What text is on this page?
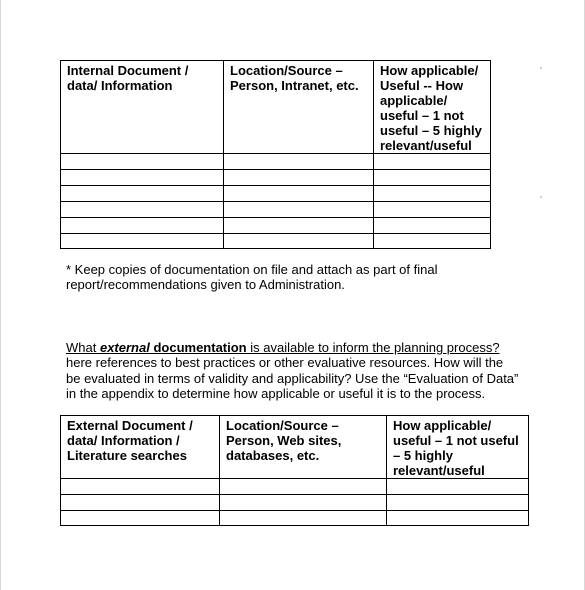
Internal Document / data/ Information	Location/Source – Person, Intranet, etc.	How applicable/ Useful -- How applicable/ useful – 1 not useful – 5 highly relevant/useful

* Keep copies of documentation on file and attach as part of final report/recommendations given to Administration.
What external documentation is available to inform the planning process?
here references to best practices or other evaluative resources. How will the
be evaluated in terms of validity and applicability? Use the “Evaluation of Data”
in the appendix to determine how applicable or useful it is to the process.
External Document / data/ Information / Literature searches	Location/Source – Person, Web sites, databases, etc.	How applicable/ useful – 1 not useful – 5 highly relevant/useful
